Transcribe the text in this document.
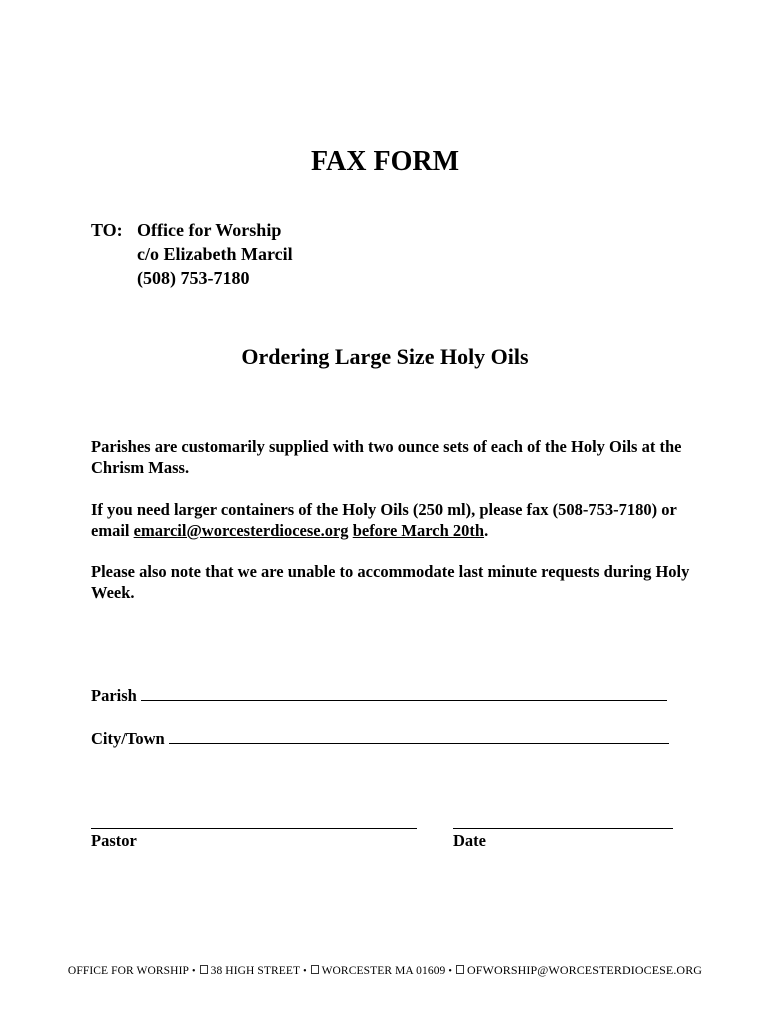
FAX FORM
TO: Office for Worship
c/o Elizabeth Marcil
(508) 753-7180
Ordering Large Size Holy Oils

Parishes are customarily supplied with two ounce sets of each of the Holy Oils at the Chrism Mass.

If you need larger containers of the Holy Oils (250 ml), please fax (508-753-7180) or email emarcil@worcesterdiocese.org before March 20th.

Please also note that we are unable to accommodate last minute requests during Holy Week.

Parish
City/Town
Pastor	Date
OFFICE FOR WORSHIP • 38 HIGH STREET • WORCESTER MA 01609 • OFWORSHIP@WORCESTERDIOCESE.ORG
